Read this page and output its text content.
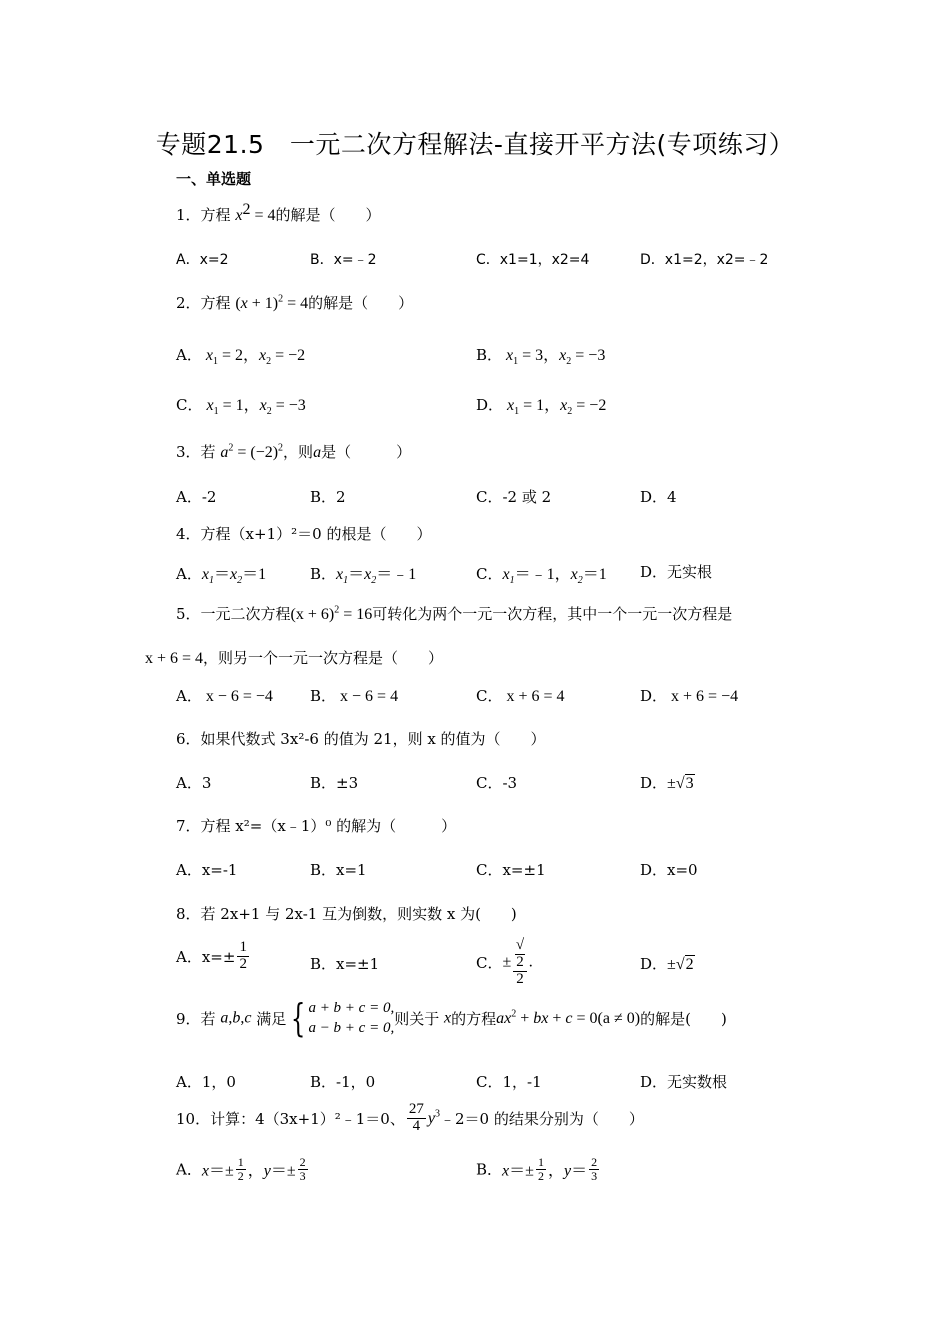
专题21.5　一元二次方程解法-直接开平方法(专项练习）
一、单选题
1．方程 $x^2 = 4$的解是（　　）
A．x=2	B．x=﹣2	C．x1=1，x2=4	D．x1=2，x2=﹣2
2．方程 $(x + 1)^2 = 4$的解是（　　）
A． $x_1 = 2$，$x_2 = -2$	B． $x_1 = 3$，$x_2 = -3$
C． $x_1 = 1$，$x_2 = -3$	D． $x_1 = 1$，$x_2 = -2$
3．若 $a^2 = (-2)^2$，则a是（　　　）
A．-2	B．2	C．-2 或 2	D．4
4．方程（x+1）²＝0 的根是（　　）
A．$x_1=x_2=1$	B．$x_1=x_2=﹣1$	C．$x_1=﹣1$，$x_2=1$ D．无实根
5．一元二次方程$(x + 6)^2 = 16$可转化为两个一元一次方程，其中一个一元一次方程是
x + 6 = 4，则另一个一元一次方程是（　　）
A． x − 6 = −4 B． x − 6 = 4	C． x + 6 = 4	D． x + 6 = −4
6．如果代数式 3x²-6 的值为 21，则 x 的值为（　　）
A．3	B．±3	C．-3	D．±√3
7．方程 x²=（x﹣1）⁰ 的解为（　　　）
A．x=-1	B．x=1	C．x=±1	D．x=0
8．若 2x+1 与 2x-1 互为倒数，则实数 x 为(　　)
A．$x=\pm \frac{1}{2}$	B．x=±1	C．± √
2
2 .	D．±√2
9．若 a,b,c 满足 { a + b + c = 0,
a − b + c = 0,
则关于 x的方程$ax^2$ + bx + c = 0(a ≠ 0)的解是(　　)
A．1，0	B．-1，0	C．1，-1	D．无实数根
10．计算：4（3x+1）²﹣1＝0、 $\frac{27}{4}$ $y^3﹣2=0$ 的结果分别为（　　）
A．$x=\pm \frac{1}{2}$ ，$y=\pm \frac{2}{3}$	B．$x=\pm \frac{1}{2}$ ，$y= \frac{2}{3}$
